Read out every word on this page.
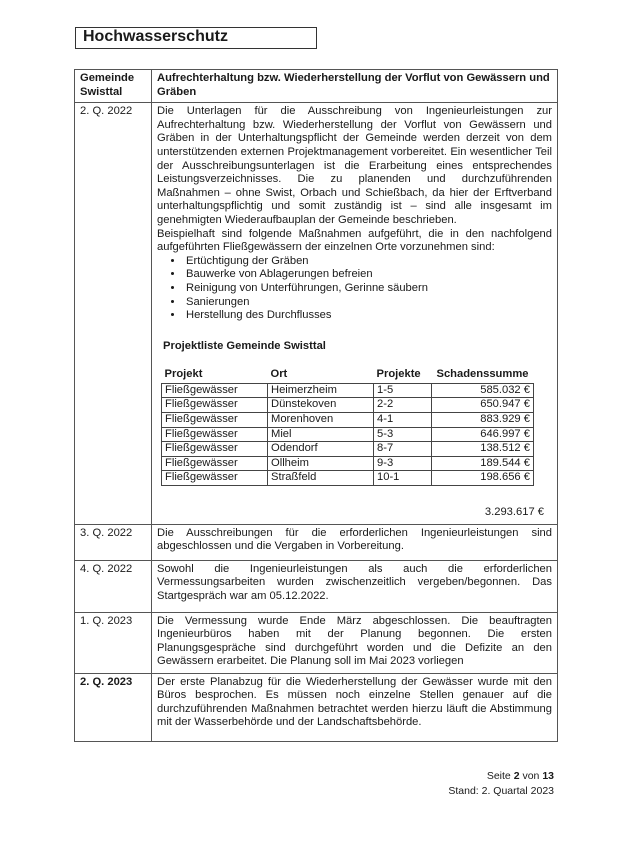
Hochwasserschutz
Gemeinde Swisttal	Aufrechterhaltung bzw. Wiederherstellung der Vorflut von Gewässern und Gräben
2. Q. 2022	Die Unterlagen für die Ausschreibung von Ingenieurleistungen zur Aufrechterhaltung bzw. Wiederherstellung der Vorflut von Gewässern und Gräben in der Unterhaltungspflicht der Gemeinde werden derzeit von dem unterstützenden externen Projektmanagement vorbereitet. Ein wesentlicher Teil der Ausschreibungsunterlagen ist die Erarbeitung eines entsprechendes Leistungsverzeichnisses. Die zu planenden und durchzuführenden Maßnahmen – ohne Swist, Orbach und Schießbach, da hier der Erftverband unterhaltungspflichtig und somit zuständig ist – sind alle insgesamt im genehmigten Wiederaufbauplan der Gemeinde beschrieben.
Beispielhaft sind folgende Maßnahmen aufgeführt, die in den nachfolgend aufgeführten Fließgewässern der einzelnen Orte vorzunehmen sind:
• Ertüchtigung der Gräben
• Bauwerke von Ablagerungen befreien
• Reinigung von Unterführungen, Gerinne säubern
• Sanierungen
• Herstellung des Durchflusses
Projektliste Gemeinde Swisttal
Projekt	Ort	Projekte	Schadenssumme
Fließgewässer	Heimerzheim	1-5	585.032 €
Fließgewässer	Dünstekoven	2-2	650.947 €
Fließgewässer	Morenhoven	4-1	883.929 €
Fließgewässer	Miel	5-3	646.997 €
Fließgewässer	Odendorf	8-7	138.512 €
Fließgewässer	Ollheim	9-3	189.544 €
Fließgewässer	Straßfeld	10-1	198.656 €
3.293.617 €

3. Q. 2022	Die Ausschreibungen für die erforderlichen Ingenieurleistungen sind abgeschlossen und die Vergaben in Vorbereitung.
4. Q. 2022	Sowohl die Ingenieurleistungen als auch die erforderlichen Vermessungsarbeiten wurden zwischenzeitlich vergeben/begonnen. Das Startgespräch war am 05.12.2022.
1. Q. 2023	Die Vermessung wurde Ende März abgeschlossen. Die beauftragten Ingenieurbüros haben mit der Planung begonnen. Die ersten Planungsgespräche sind durchgeführt worden und die Defizite an den Gewässern erarbeitet. Die Planung soll im Mai 2023 vorliegen
2. Q. 2023	Der erste Planabzug für die Wiederherstellung der Gewässer wurde mit den Büros besprochen. Es müssen noch einzelne Stellen genauer auf die durchzuführenden Maßnahmen betrachtet werden hierzu läuft die Abstimmung mit der Wasserbehörde und der Landschaftsbehörde.
Seite 2 von 13
Stand: 2. Quartal 2023
